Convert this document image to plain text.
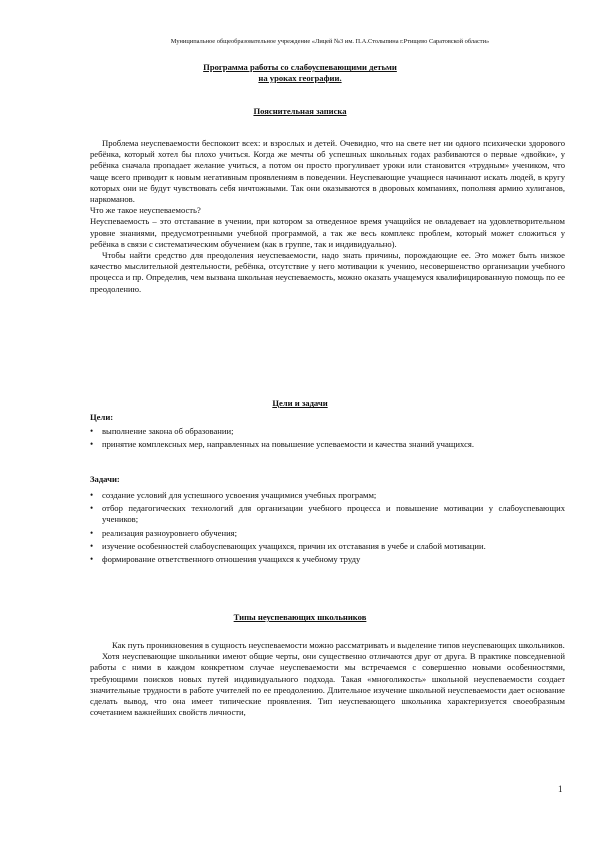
Муниципальное общеобразовательное учреждение «Лицей №3 им. П.А.Столыпина г.Ртищево Саратовской области»
Программа работы со слабоуспевающими детьми
на уроках географии.
Пояснительная записка

Проблема неуспеваемости беспокоит всех: и взрослых и детей. Очевидно, что на свете нет ни одного психически здорового ребёнка, который хотел бы плохо учиться. Когда же мечты об успешных школьных годах разбиваются о первые «двойки», у ребёнка сначала пропадает желание учиться, а потом он просто прогуливает уроки или становится «трудным» учеником, что чаще всего приводит к новым негативным проявлениям в поведении. Неуспевающие учащиеся начинают искать людей, в кругу которых они не будут чувствовать себя ничтожными. Так они оказываются в дворовых компаниях, пополняя армию хулиганов, наркоманов.

Что же такое неуспеваемость?

Неуспеваемость – это отставание в учении, при котором за отведенное время учащийся не овладевает на удовлетворительном уровне знаниями, предусмотренными учебной программой, а так же весь комплекс проблем, который может сложиться у ребёнка в связи с систематическим обучением (как в группе, так и индивидуально).

Чтобы найти средство для преодоления неуспеваемости, надо знать причины, порождающие ее. Это может быть низкое качество мыслительной деятельности, ребёнка, отсутствие у него мотивации к учению, несовершенство организации учебного процесса и пр. Определив, чем вызвана школьная неуспеваемость, можно оказать учащемуся квалифицированную помощь по ее преодолению.

Цели и задачи
Цели:
• выполнение закона об образовании;
• принятие комплексных мер, направленных на повышение успеваемости и качества знаний учащихся.
Задачи:
• создание условий для успешного усвоения учащимися учебных программ;
• отбор педагогических технологий для организации учебного процесса и повышение мотивации у слабоуспевающих учеников;
• реализация разноуровнего обучения;
• изучение особенностей слабоуспевающих учащихся, причин их отставания в учебе и слабой мотивации.
• формирование ответственного отношения учащихся к учебному труду
Типы неуспевающих школьников

Как путь проникновения в сущность неуспеваемости можно рассматривать и выделение типов неуспевающих школьников.

Хотя неуспевающие школьники имеют общие черты, они существенно отличаются друг от друга. В практике повседневной работы с ними в каждом конкретном случае неуспеваемости мы встречаемся с совершенно новыми особенностями, требующими поисков новых путей индивидуального подхода. Такая «многоликость» школьной неуспеваемости создает значительные трудности в работе учителей по ее преодолению. Длительное изучение школьной неуспеваемости дает основание сделать вывод, что она имеет типические проявления. Тип неуспевающего школьника характеризуется своеобразным сочетанием важнейших свойств личности,

1
